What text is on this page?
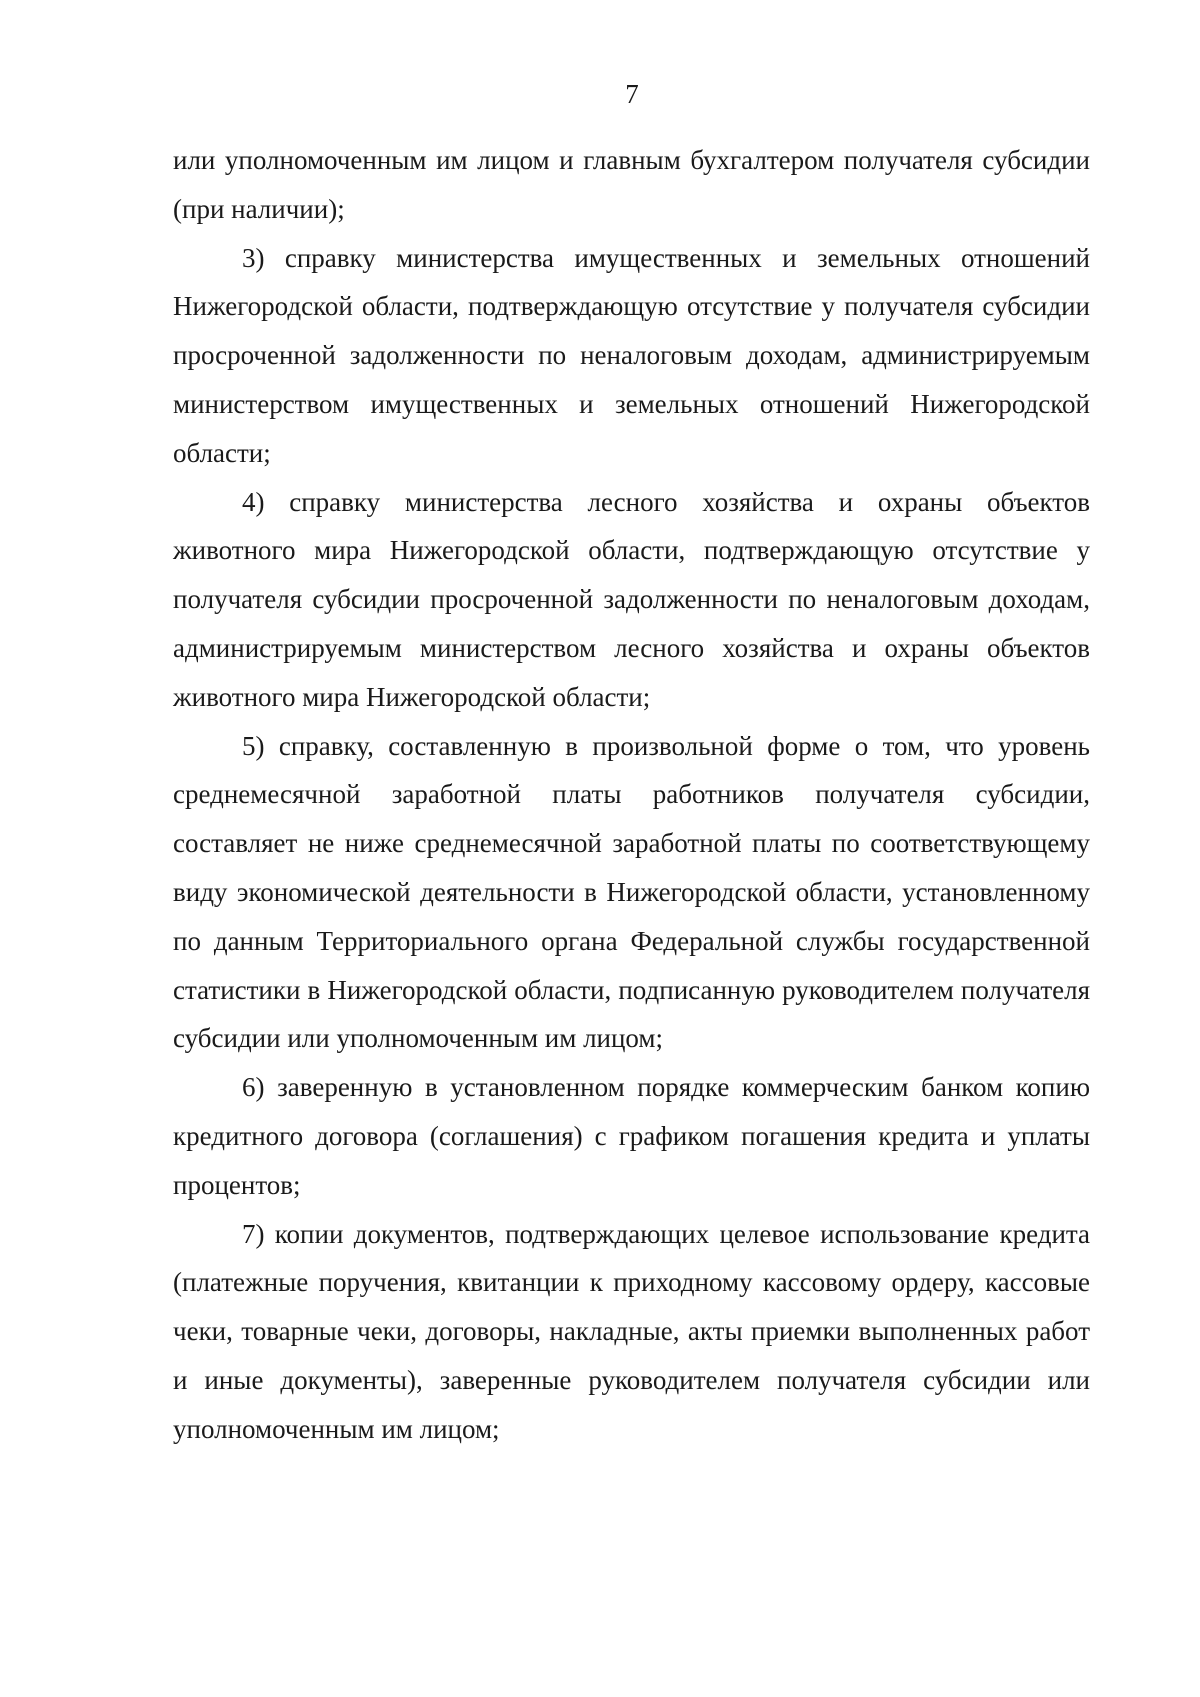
7

или уполномоченным им лицом и главным бухгалтером получателя субсидии (при наличии);

3) справку министерства имущественных и земельных отношений Нижегородской области, подтверждающую отсутствие у получателя субсидии просроченной задолженности по неналоговым доходам, администрируемым министерством имущественных и земельных отношений Нижегородской области;

4) справку министерства лесного хозяйства и охраны объектов животного мира Нижегородской области, подтверждающую отсутствие у получателя субсидии просроченной задолженности по неналоговым доходам, администрируемым министерством лесного хозяйства и охраны объектов животного мира Нижегородской области;

5) справку, составленную в произвольной форме о том, что уровень среднемесячной заработной платы работников получателя субсидии, составляет не ниже среднемесячной заработной платы по соответствующему виду экономической деятельности в Нижегородской области, установленному по данным Территориального органа Федеральной службы государственной статистики в Нижегородской области, подписанную руководителем получателя субсидии или уполномоченным им лицом;

6) заверенную в установленном порядке коммерческим банком копию кредитного договора (соглашения) с графиком погашения кредита и уплаты процентов;

7) копии документов, подтверждающих целевое использование кредита (платежные поручения, квитанции к приходному кассовому ордеру, кассовые чеки, товарные чеки, договоры, накладные, акты приемки выполненных работ и иные документы), заверенные руководителем получателя субсидии или уполномоченным им лицом;
